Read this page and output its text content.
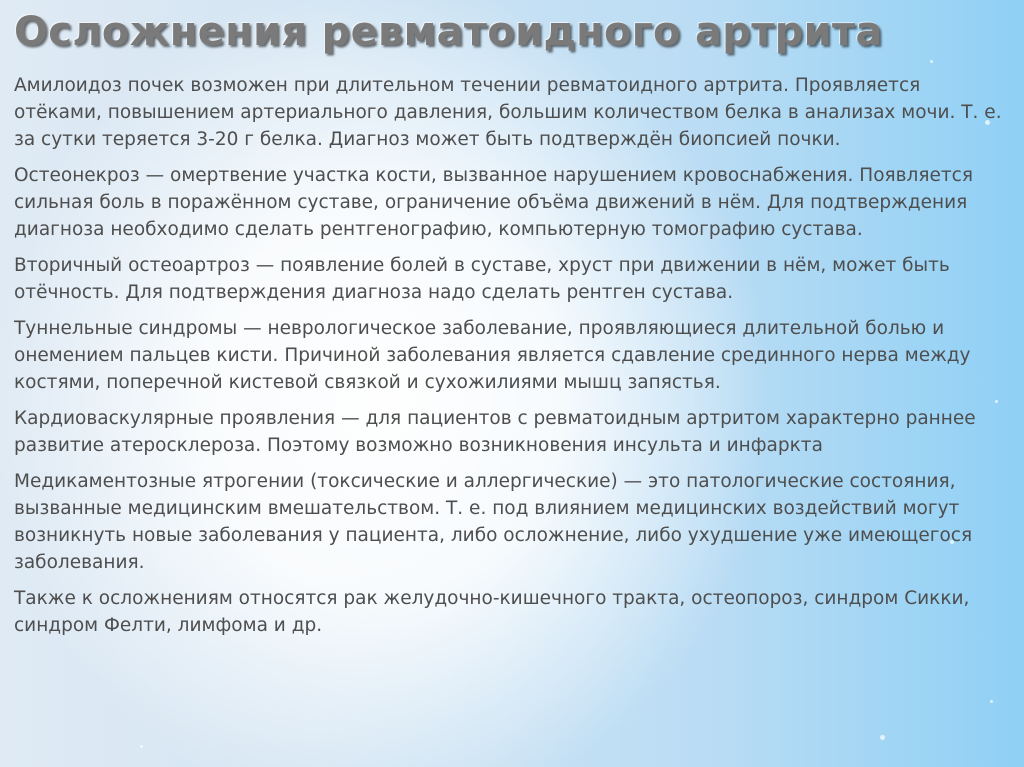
Осложнения ревматоидного артрита

Амилоидоз почек возможен при длительном течении ревматоидного артрита. Проявляется отёками, повышением артериального давления, большим количеством белка в анализах мочи. Т. е. за сутки теряется 3-20 г белка. Диагноз может быть подтверждён биопсией почки.

Остеонекроз — омертвение участка кости, вызванное нарушением кровоснабжения. Появляется сильная боль в поражённом суставе, ограничение объёма движений в нём. Для подтверждения диагноза необходимо сделать рентгенографию, компьютерную томографию сустава.

Вторичный остеоартроз — появление болей в суставе, хруст при движении в нём, может быть отёчность. Для подтверждения диагноза надо сделать рентген сустава.

Туннельные синдромы — неврологическое заболевание, проявляющиеся длительной болью и онемением пальцев кисти. Причиной заболевания является сдавление срединного нерва между костями, поперечной кистевой связкой и сухожилиями мышц запястья.

Кардиоваскулярные проявления — для пациентов с ревматоидным артритом характерно раннее развитие атеросклероза. Поэтому возможно возникновения инсульта и инфаркта

Медикаментозные ятрогении (токсические и аллергические) — это патологические состояния, вызванные медицинским вмешательством. Т. е. под влиянием медицинских воздействий могут возникнуть новые заболевания у пациента, либо осложнение, либо ухудшение уже имеющегося заболевания.

Также к осложнениям относятся рак желудочно-кишечного тракта, остеопороз, синдром Сикки, синдром Фелти, лимфома и др.
